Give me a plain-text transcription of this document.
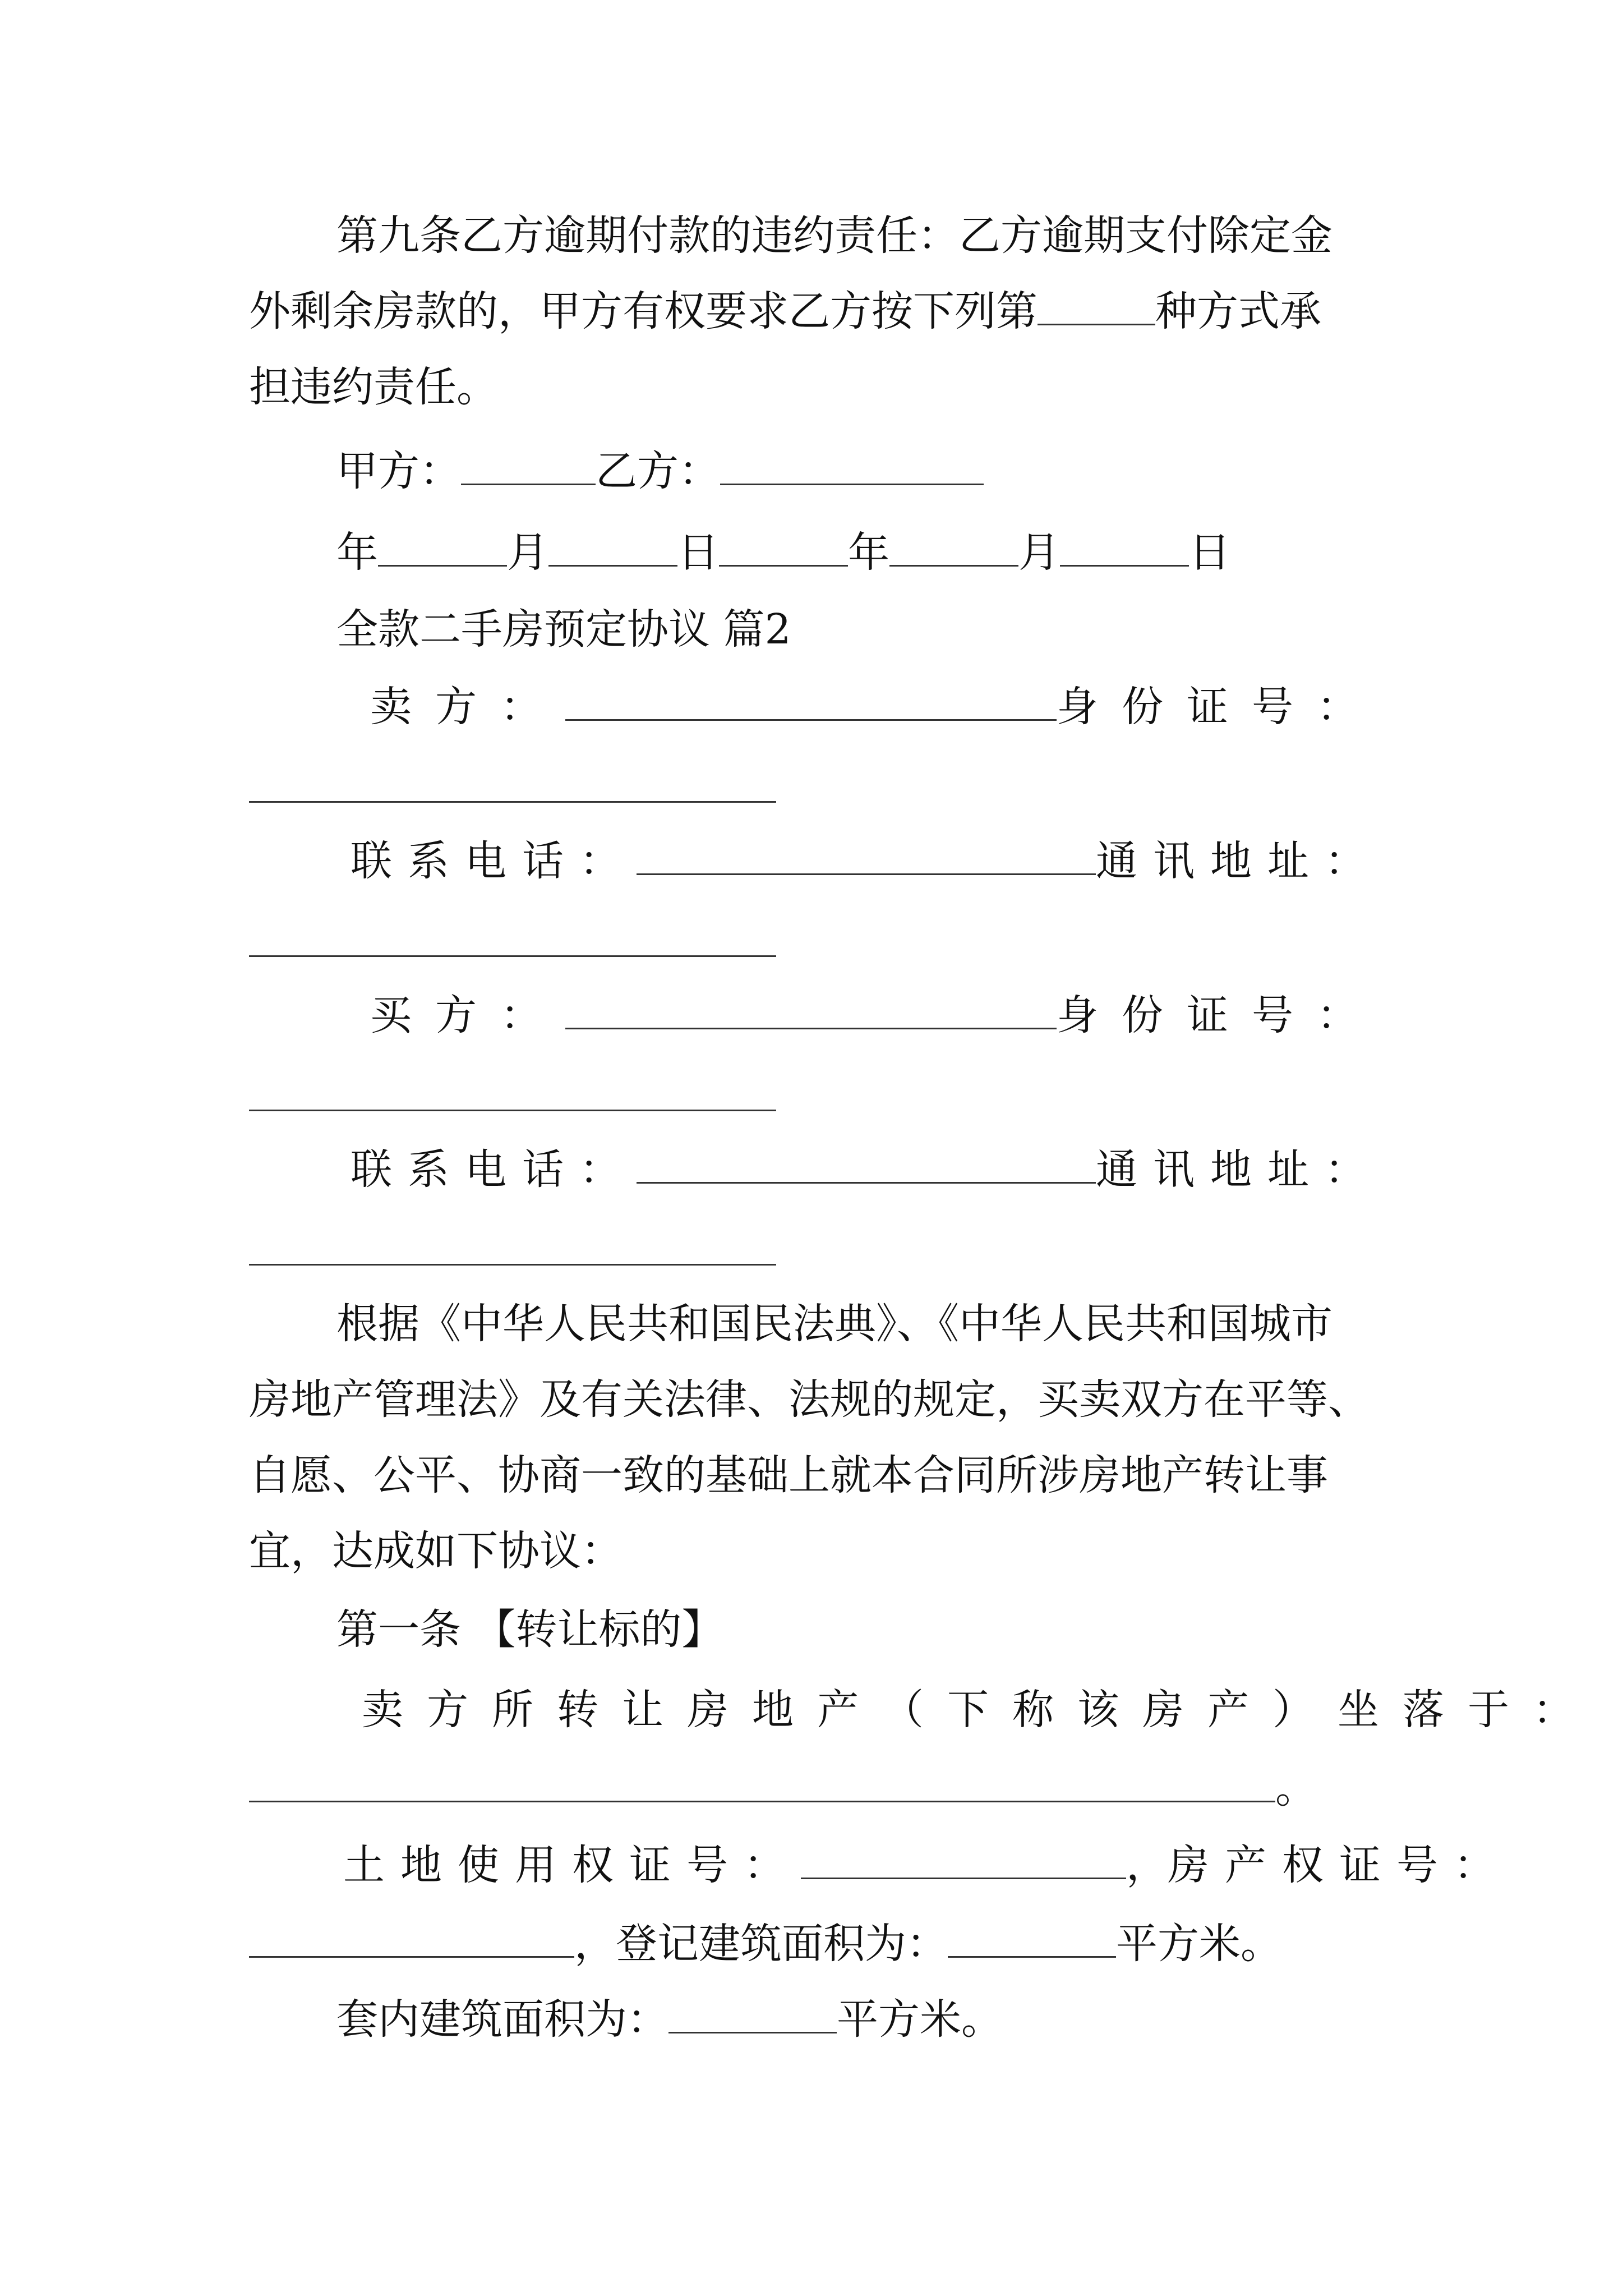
第九条乙方逾期付款的违约责任：乙方逾期支付除定金
外剩余房款的，甲方有权要求乙方按下列第	种方式承
担违约责任。
甲方：	乙方：
年	月	日	年	月	日
全款二手房预定协议 篇2
卖方：	身份证号：
联系电话：	通讯地址：
买方：	身份证号：
联系电话：	通讯地址：
根据《中华人民共和国民法典》、《中华人民共和国城市
房地产管理法》及有关法律、法规的规定，买卖双方在平等、
自愿、公平、协商一致的基础上就本合同所涉房地产转让事
宜，达成如下协议：
第一条 【转让标的】
卖方所转让房地产（下称该房产）坐落于：
。
土地使用权证号：	， 房产权证号：
，登记建筑面积为：	平方米。
套内建筑面积为：	平方米。
